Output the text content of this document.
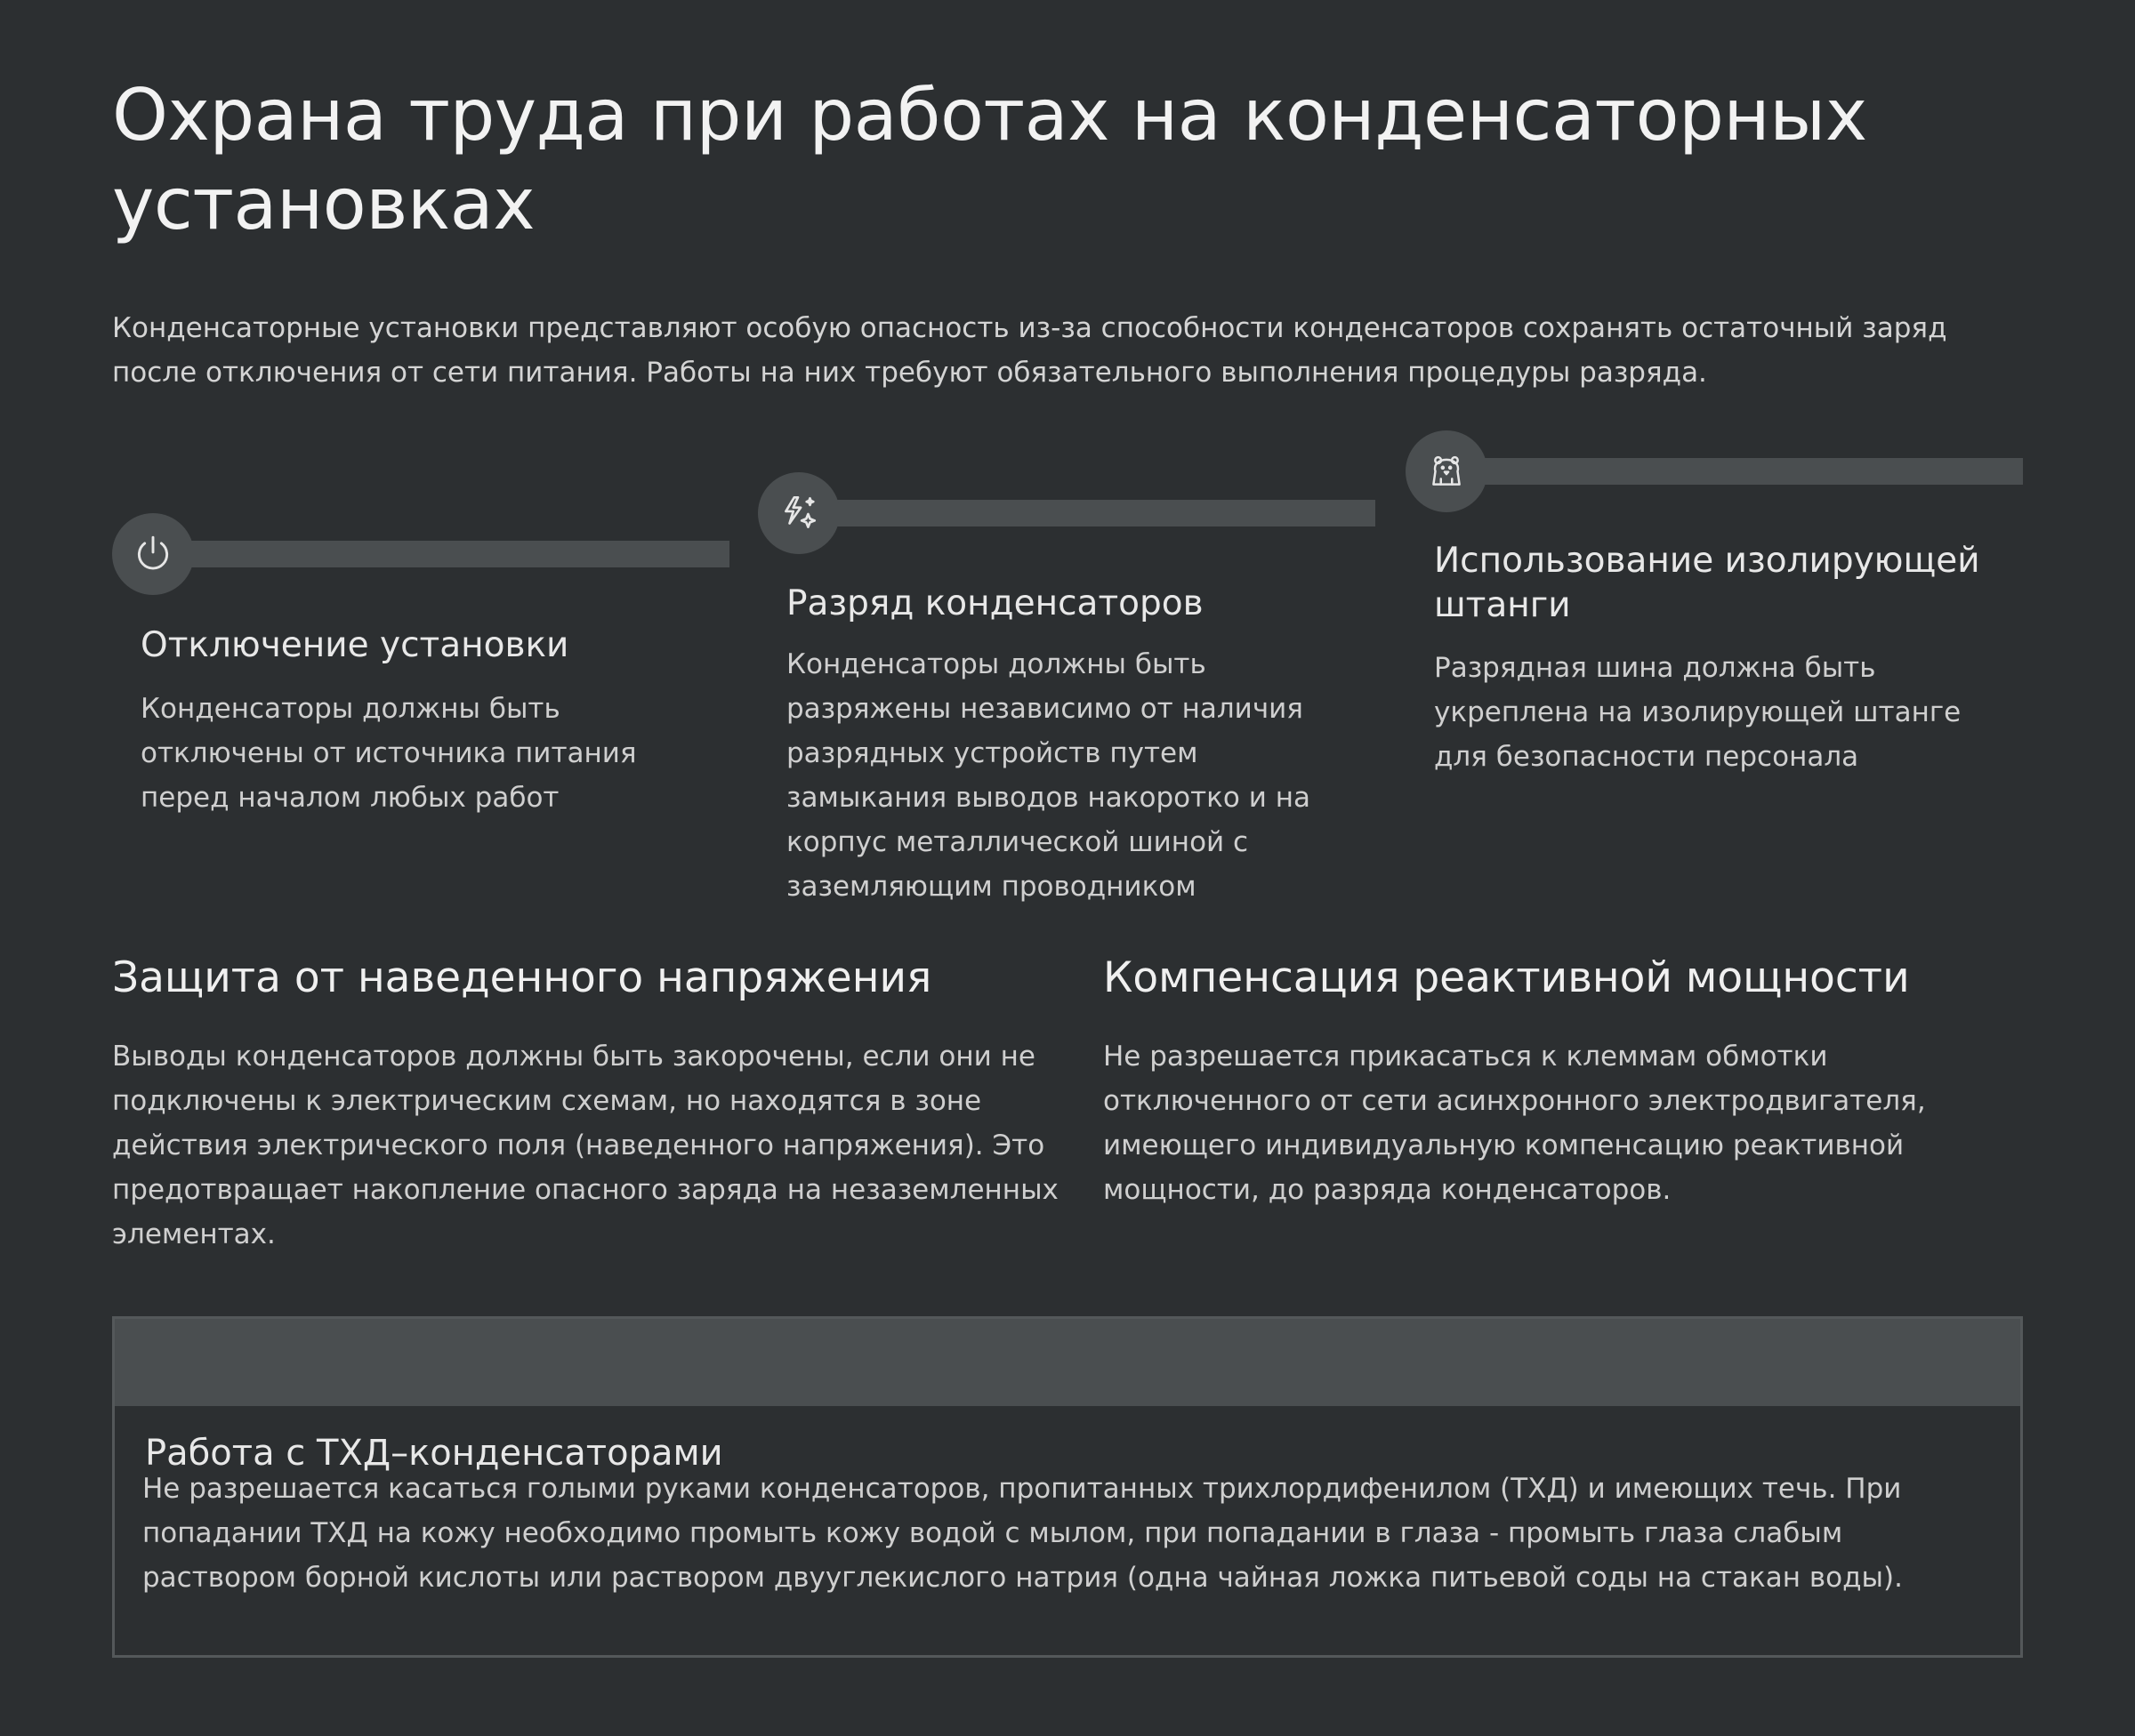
Охрана труда при работах на конденсаторных установках

Конденсаторные установки представляют особую опасность из-за способности конденсаторов сохранять остаточный заряд после отключения от сети питания. Работы на них требуют обязательного выполнения процедуры разряда.

Отключение установки

Конденсаторы должны быть отключены от источника питания перед началом любых работ

Разряд конденсаторов

Конденсаторы должны быть разряжены независимо от наличия разрядных устройств путем замыкания выводов накоротко и на корпус металлической шиной с заземляющим проводником

Использование изолирующей штанги

Разрядная шина должна быть укреплена на изолирующей штанге для безопасности персонала

Защита от наведенного напряжения

Выводы конденсаторов должны быть закорочены, если они не подключены к электрическим схемам, но находятся в зоне действия электрического поля (наведенного напряжения). Это предотвращает накопление опасного заряда на незаземленных элементах.

Компенсация реактивной мощности

Не разрешается прикасаться к клеммам обмотки отключенного от сети асинхронного электродвигателя, имеющего индивидуальную компенсацию реактивной мощности, до разряда конденсаторов.

Работа с ТХД–конденсаторами

Не разрешается касаться голыми руками конденсаторов, пропитанных трихлордифенилом (ТХД) и имеющих течь. При попадании ТХД на кожу необходимо промыть кожу водой с мылом, при попадании в глаза - промыть глаза слабым раствором борной кислоты или раствором двууглекислого натрия (одна чайная ложка питьевой соды на стакан воды).
